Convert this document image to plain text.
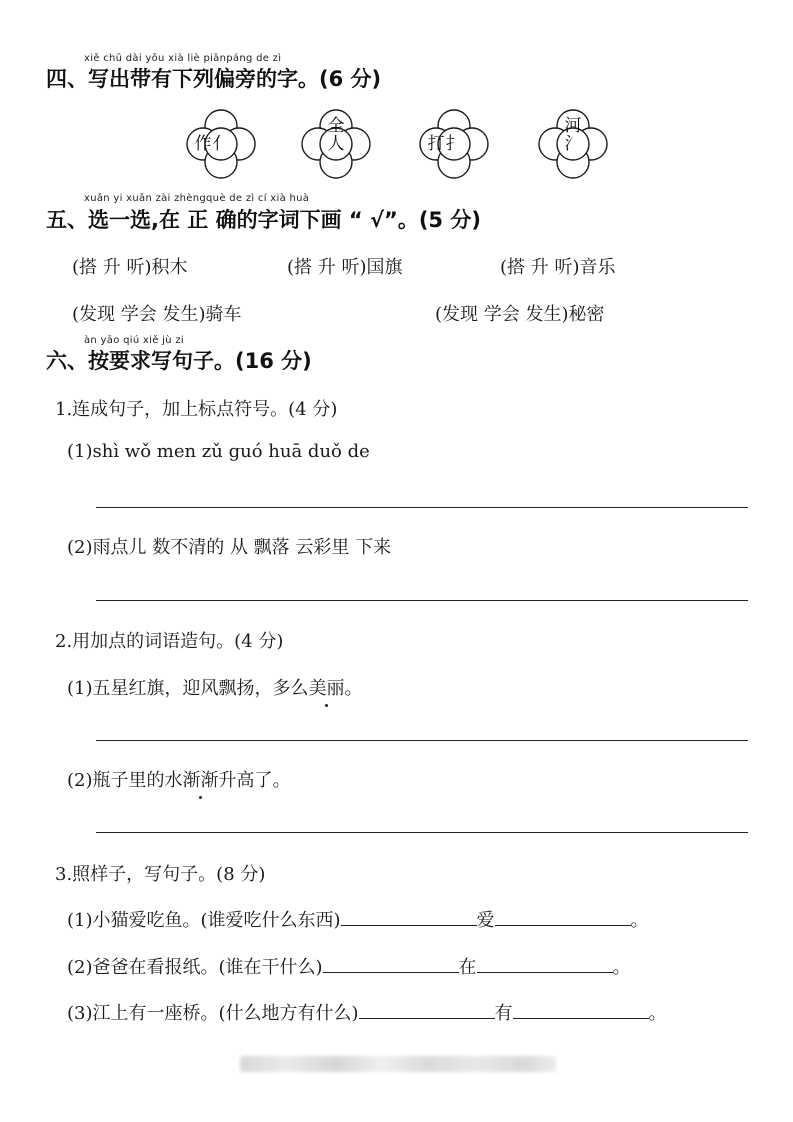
xiě chū dài yǒu xià liè piānpáng de zì
四、写出带有下列偏旁的字。(6 分)
亻
作	人
全
扌
打	氵
河
xuǎn yi xuǎn zài zhèngquè de zì cí xià huà
五、选一选,在 正 确的字词下画 “ √”。(5 分)
(搭 升 听)积木	(搭 升 听)国旗	(搭 升 听)音乐
(发现 学会 发生)骑车	(发现 学会 发生)秘密
àn yāo qiú xiě jù zi
六、按要求写句子。(16 分)
1.连成句子，加上标点符号。(4 分)
(1)shì wǒ men zǔ guó huā duǒ de
(2)雨点儿 数不清的 从 飘落 云彩里 下来
2.用加点的词语造句。(4 分)
(1)五星红旗，迎风飘扬，多么美丽。
(2)瓶子里的水渐渐升高了。
3.照样子，写句子。(8 分)
(1)小猫爱吃鱼。(谁爱吃什么东西)	爱	。
(2)爸爸在看报纸。(谁在干什么)	在	。
(3)江上有一座桥。(什么地方有什么)	有	。
